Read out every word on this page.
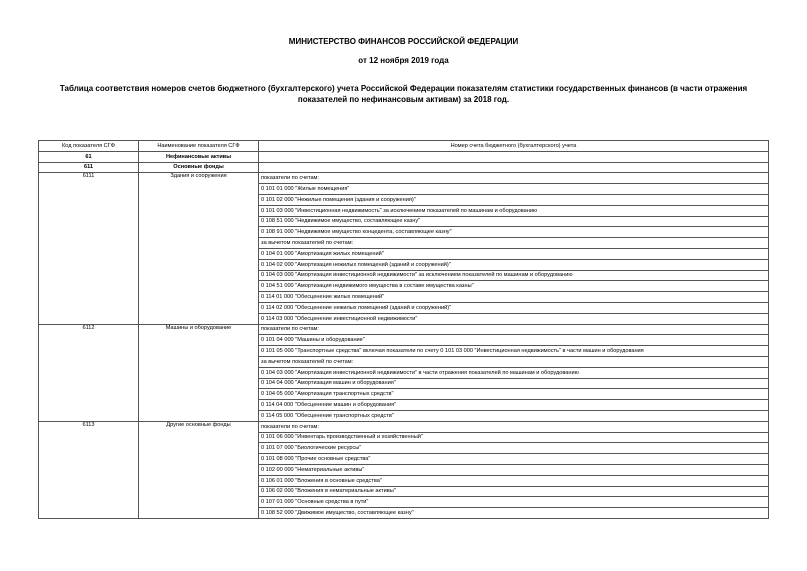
МИНИСТЕРСТВО ФИНАНСОВ РОССИЙСКОЙ ФЕДЕРАЦИИ
от 12 ноября 2019 года
Таблица соответствия номеров счетов бюджетного (бухгалтерского) учета Российской Федерации показателям статистики государственных финансов (в части отражения показателей по нефинансовым активам) за 2018 год.
Код показателя СГФ	Наименование показателя СГФ	Номер счета бюджетного (бухгалтерского) учета
61	Нефинансовые активы	
611	Основные фонды	
6111	Здания и сооружения	показатели по счетам:
		0 101 01 000 "Жилые помещения"
		0 101 02 000 "Нежилые помещения (здания и сооружения)"
		0 101 03 000 "Инвестиционная недвижимость" за исключением показателей по машинам и оборудованию
		0 108 51 000 "Недвижимое имущество, составляющее казну"
		0 108 91 000 "Недвижимое имущество концедента, составляющее казну"
		за вычетом показателей по счетам:
		0 104 01 000 "Амортизация жилых помещений"
		0 104 02 000 "Амортизация нежилых помещений (зданий и сооружений)"
		0 104 03 000 "Амортизация инвестиционной недвижимости" за исключением показателей по машинам и оборудованию
		0 104 51 000 "Амортизация недвижимого имущества в составе имущества казны"
		0 114 01 000 "Обесценение жилых помещений"
		0 114 02 000 "Обесценение нежилых помещений (зданий и сооружений)"
		0 114 03 000 "Обесценение инвестиционной недвижимости"
6112	Машины и оборудование	показатели по счетам:
		0 101 04 000 "Машины и оборудование"
		0 101 05 000 "Транспортные средства" включая показатели по счету 0 101 03 000 "Инвестиционная недвижимость" в части машин и оборудования
		за вычетом показателей по счетам:
		0 104 03 000 "Амортизация инвестиционной недвижимости" в части отражения показателей по машинам и оборудованию
		0 104 04 000 "Амортизация машин и оборудования"
		0 104 05 000 "Амортизация транспортных средств"
		0 114 04 000 "Обесценение машин и оборудования"
		0 114 05 000 "Обесценение транспортных средств"
6113	Другие основные фонды	показатели по счетам:
		0 101 06 000 "Инвентарь производственный и хозяйственный"
		0 101 07 000 "Биологические ресурсы"
		0 101 08 000 "Прочие основные средства"
		0 102 00 000 "Нематериальные активы"
		0 106 01 000 "Вложения в основные средства"
		0 106 02 000 "Вложения в нематериальные активы"
		0 107 01 000 "Основные средства в пути"
		0 108 52 000 "Движимое имущество, составляющее казну"
